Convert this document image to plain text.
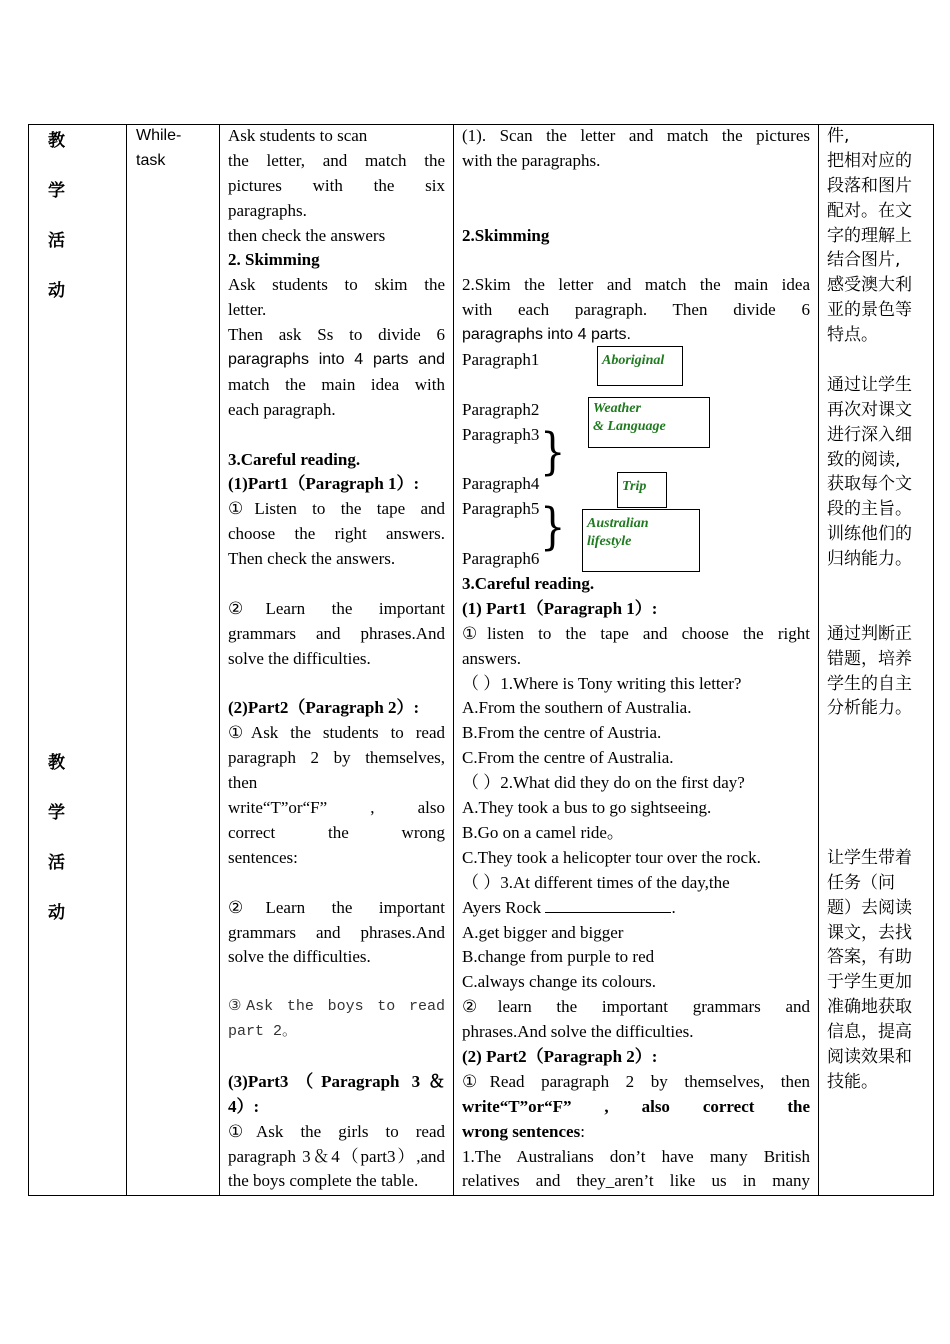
教
学
活
动
教
学
活
动
While-
task
Ask students to scan
the letter, and match the
pictures with the six
paragraphs.
then check the answers
2. Skimming
Ask students to skim the
letter.
Then ask Ss to divide 6
paragraphs into 4 parts and
match the main idea with
each paragraph.

3.Careful reading.
(1)Part1（Paragraph 1）:
①Listen to the tape and
choose the right answers.
Then check the answers.

②Learn the important
grammars and phrases.And
solve the difficulties.

(2)Part2（Paragraph 2）:
①Ask the students to read
paragraph 2 by themselves,
then
write“T”or“F” , also
correct the wrong
sentences:

②Learn the important
grammars and phrases.And
solve the difficulties.

③Ask the boys to read
part 2。

(3)Part3（Paragraph 3＆
4）:
①Ask the girls to read
paragraph 3＆4（part3）,and
the boys complete the table.
(1). Scan the letter and match the pictures
with the paragraphs.

2.Skimming

2.Skim the letter and match the main idea
with each paragraph. Then divide 6
paragraphs into 4 parts.
Paragraph1

Paragraph2
Paragraph3

Paragraph4
Paragraph5

Paragraph6
3.Careful reading.
(1) Part1（Paragraph 1）:
①listen to the tape and choose the right
answers.
（ ）1.Where is Tony writing this letter?
A.From the southern of Australia.
B.From the centre of Austria.
C.From the centre of Australia.
（ ）2.What did they do on the first day?
A.They took a bus to go sightseeing.
B.Go on a camel ride。
C.They took a helicopter tour over the rock.
（ ）3.At different times of the day,the
Ayers Rock	.
A.get bigger and bigger
B.change from purple to red
C.always change its colours.
②learn the important grammars and
phrases.And solve the difficulties.
(2) Part2（Paragraph 2）:
①Read paragraph 2 by themselves, then
write“T”or“F” , also correct the
wrong sentences:
1.The Australians don’t have many British
relatives and they_aren’t like us in many
Aboriginal
Weather
& Language
Trip
Australian
lifestyle
}
}
件,
把相对应的
段落和图片
配对。在文
字的理解上
结合图片,
感受澳大利
亚的景色等
特点。

通过让学生
再次对课文
进行深入细
致的阅读,
获取每个文
段的主旨。
训练他们的
归纳能力。

通过判断正
错题，培养
学生的自主
分析能力。

让学生带着
任务（问
题）去阅读
课文，去找
答案，有助
于学生更加
准确地获取
信息，提高
阅读效果和
技能。
